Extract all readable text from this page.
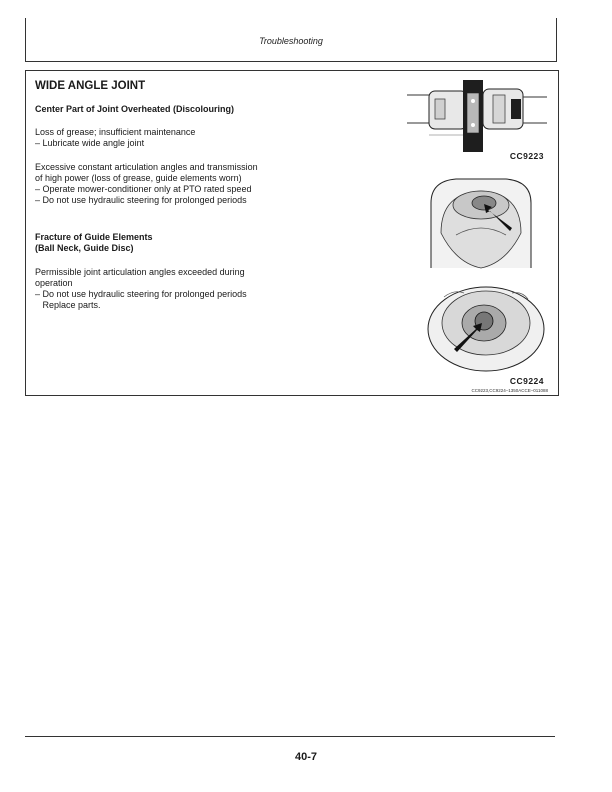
Troubleshooting
WIDE ANGLE JOINT
Center Part of Joint Overheated (Discolouring)
Loss of grease; insufficient maintenance
– Lubricate wide angle joint
Excessive constant articulation angles and transmission
of high power (loss of grease, guide elements worn)
– Operate mower-conditioner only at PTO rated speed
– Do not use hydraulic steering for prolonged periods
Fracture of Guide Elements
(Ball Neck, Guide Disc)
Permissible joint articulation angles exceeded during
operation
– Do not use hydraulic steering for prolonged periods
Replace parts.
CC9223
CC9224
CC9223,CC9224–1350ACCE–011088
40-7
